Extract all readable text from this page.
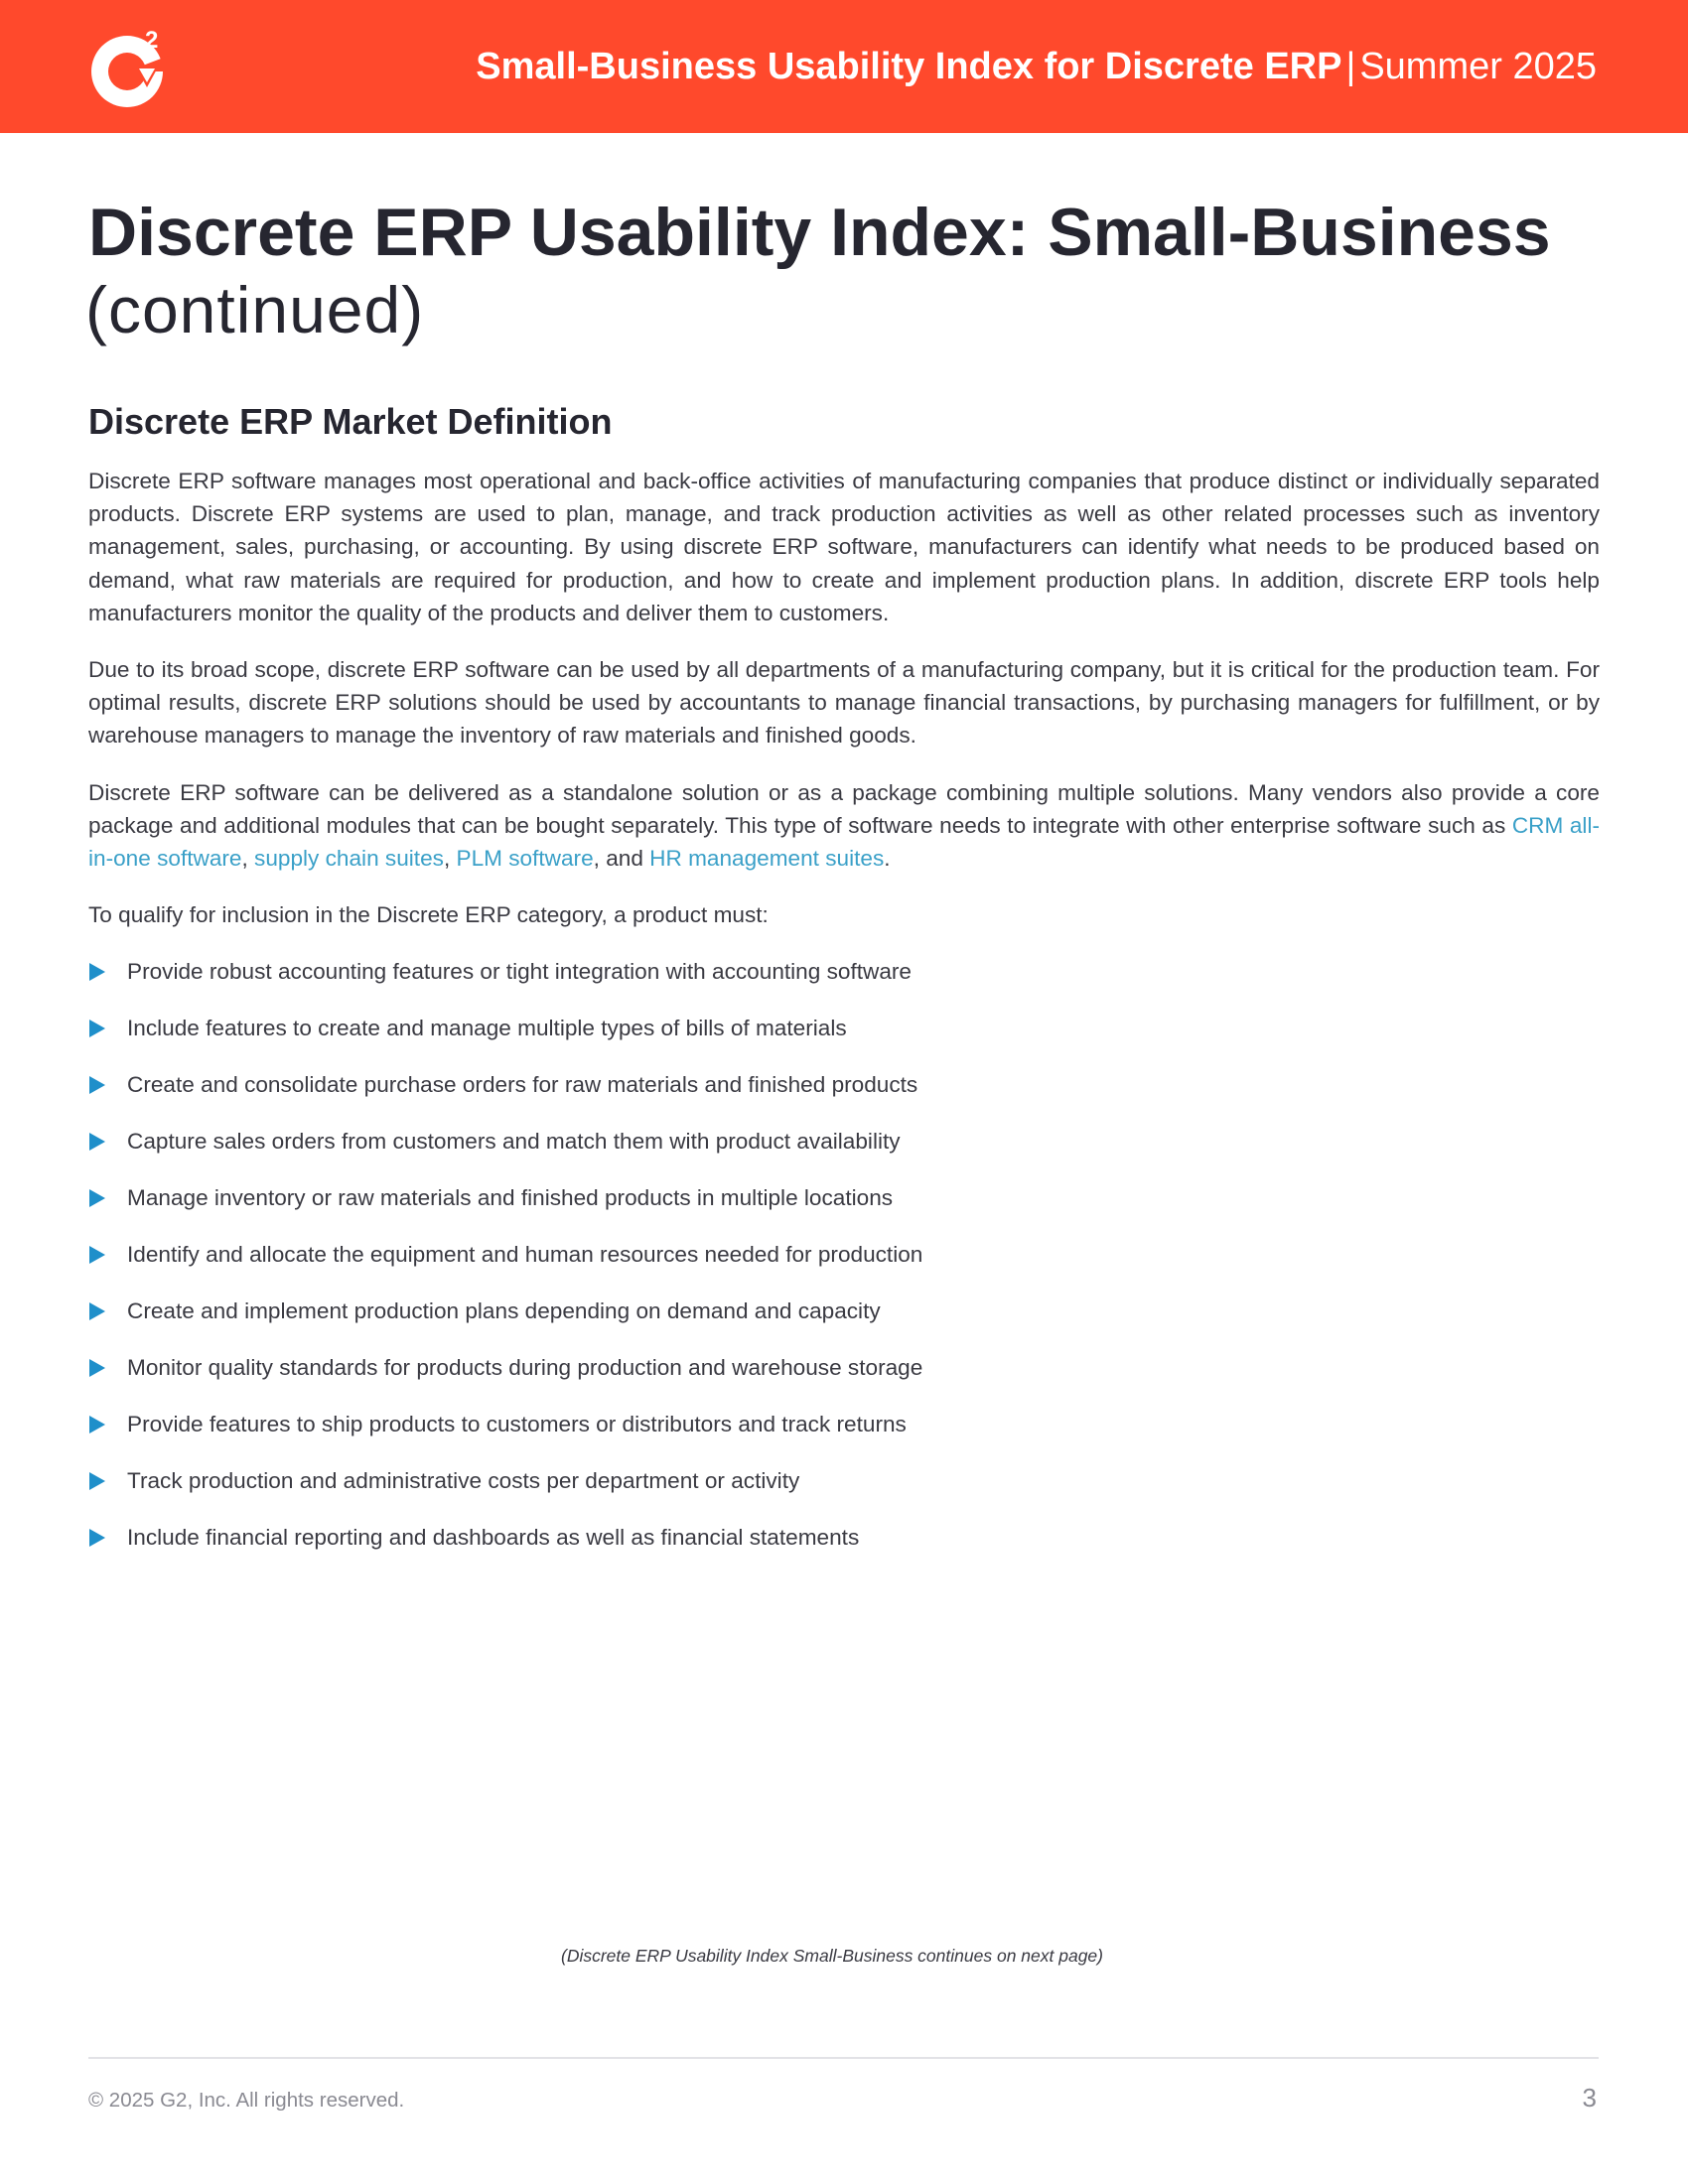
2
Small-Business Usability Index for Discrete ERP | Summer 2025
Discrete ERP Usability Index: Small-Business
(continued)
Discrete ERP Market Definition

Discrete ERP software manages most operational and back-office activities of manufacturing companies that produce distinct or individually separated products. Discrete ERP systems are used to plan, manage, and track production activities as well as other related processes such as inventory management, sales, purchasing, or accounting. By using discrete ERP software, manufacturers can identify what needs to be produced based on demand, what raw materials are required for production, and how to create and implement production plans. In addition, discrete ERP tools help manufacturers monitor the quality of the products and deliver them to customers.

Due to its broad scope, discrete ERP software can be used by all departments of a manufacturing company, but it is critical for the production team. For optimal results, discrete ERP solutions should be used by accountants to manage financial transactions, by purchasing managers for fulfillment, or by warehouse managers to manage the inventory of raw materials and finished goods.

Discrete ERP software can be delivered as a standalone solution or as a package combining multiple solutions. Many vendors also provide a core package and additional modules that can be bought separately. This type of software needs to integrate with other enterprise software such as CRM all-in-one software, supply chain suites, PLM software, and HR management suites.

To qualify for inclusion in the Discrete ERP category, a product must:

Provide robust accounting features or tight integration with accounting software
Include features to create and manage multiple types of bills of materials
Create and consolidate purchase orders for raw materials and finished products
Capture sales orders from customers and match them with product availability
Manage inventory or raw materials and finished products in multiple locations
Identify and allocate the equipment and human resources needed for production
Create and implement production plans depending on demand and capacity
Monitor quality standards for products during production and warehouse storage
Provide features to ship products to customers or distributors and track returns
Track production and administrative costs per department or activity
Include financial reporting and dashboards as well as financial statements
(Discrete ERP Usability Index Small-Business continues on next page)
© 2025 G2, Inc. All rights reserved.	3
